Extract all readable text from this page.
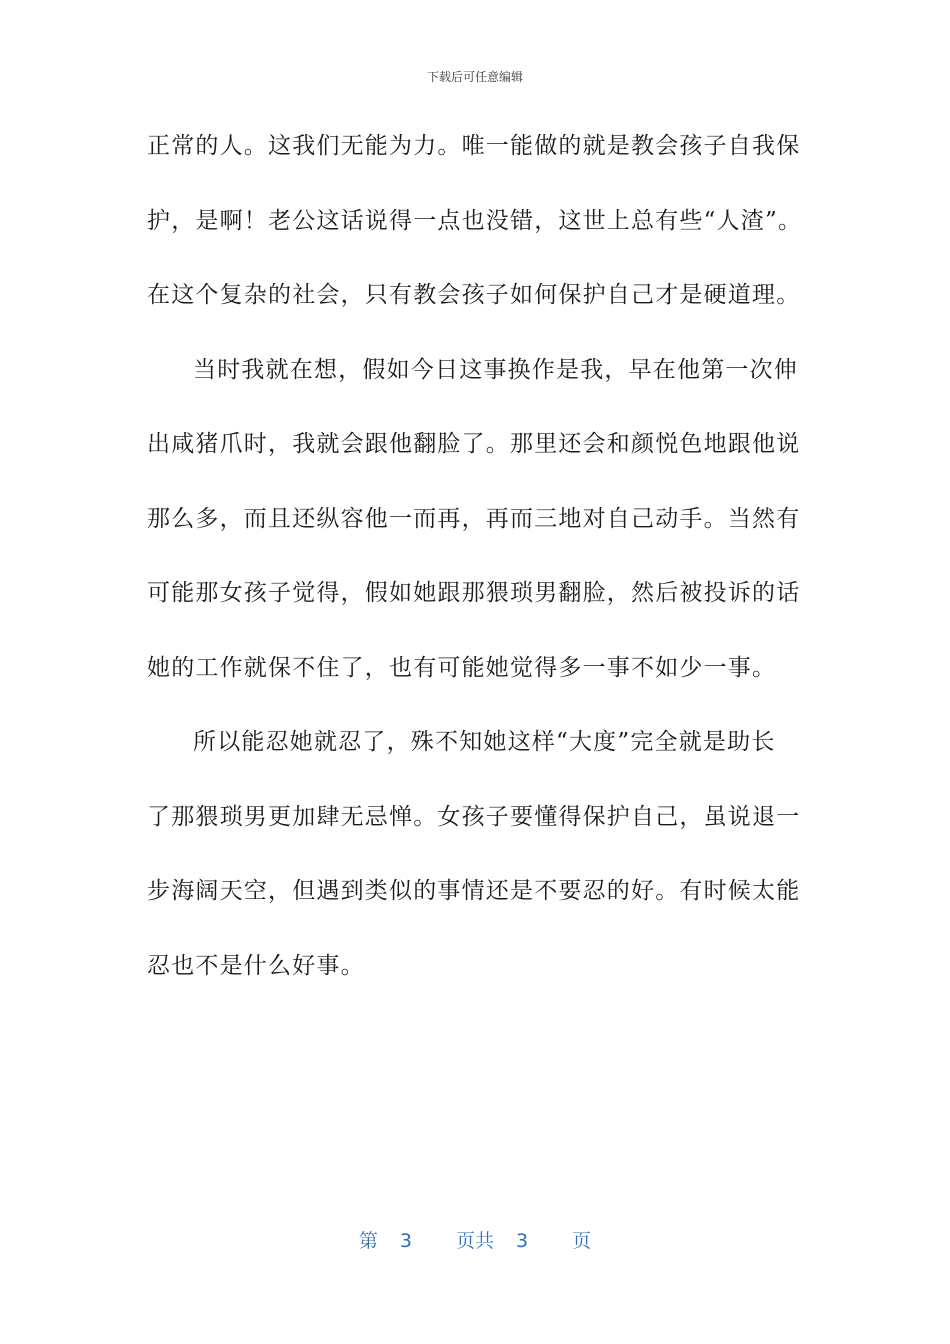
下载后可任意编辑
正常的人。这我们无能为力。唯一能做的就是教会孩子自我保
护，是啊！老公这话说得一点也没错，这世上总有些“人渣”。
在这个复杂的社会，只有教会孩子如何保护自己才是硬道理。
当时我就在想，假如今日这事换作是我，早在他第一次伸
出咸猪爪时，我就会跟他翻脸了。那里还会和颜悦色地跟他说
那么多，而且还纵容他一而再，再而三地对自己动手。当然有
可能那女孩子觉得，假如她跟那猥琐男翻脸，然后被投诉的话
她的工作就保不住了，也有可能她觉得多一事不如少一事。
所以能忍她就忍了，殊不知她这样“大度”完全就是助长
了那猥琐男更加肆无忌惮。女孩子要懂得保护自己，虽说退一
步海阔天空，但遇到类似的事情还是不要忍的好。有时候太能
忍也不是什么好事。
第 3 页共 3 页
